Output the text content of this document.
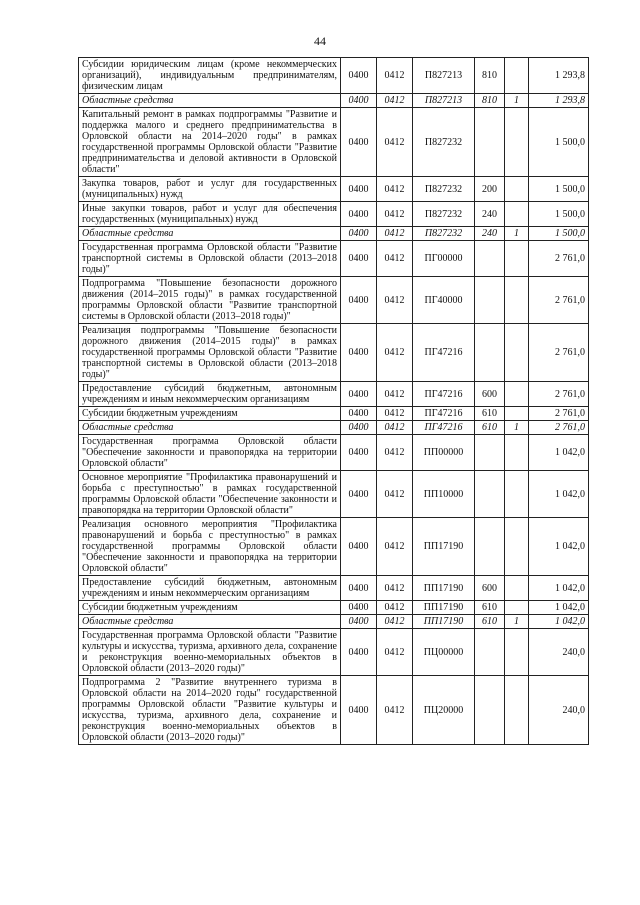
44
Субсидии юридическим лицам (кроме некоммерческих организаций), индивидуальным предпринимателям, физическим лицам	0400	0412	П827213	810		1 293,8
Областные средства	0400	0412	П827213	810	1	1 293,8
Капитальный ремонт в рамках подпрограммы "Развитие и поддержка малого и среднего предпринимательства в Орловской области на 2014–2020 годы" в рамках государственной программы Орловской области "Развитие предпринимательства и деловой активности в Орловской области"	0400	0412	П827232			1 500,0
Закупка товаров, работ и услуг для государственных (муниципальных) нужд	0400	0412	П827232	200		1 500,0
Иные закупки товаров, работ и услуг для обеспечения государственных (муниципальных) нужд	0400	0412	П827232	240		1 500,0
Областные средства	0400	0412	П827232	240	1	1 500,0
Государственная программа Орловской области "Развитие транспортной системы в Орловской области (2013–2018 годы)"	0400	0412	ПГ00000			2 761,0
Подпрограмма "Повышение безопасности дорожного движения (2014–2015 годы)" в рамках государственной программы Орловской области "Развитие транспортной системы в Орловской области (2013–2018 годы)"	0400	0412	ПГ40000			2 761,0
Реализация подпрограммы "Повышение безопасности дорожного движения (2014–2015 годы)" в рамках государственной программы Орловской области "Развитие транспортной системы в Орловской области (2013–2018 годы)"	0400	0412	ПГ47216			2 761,0
Предоставление субсидий бюджетным, автономным учреждениям и иным некоммерческим организациям	0400	0412	ПГ47216	600		2 761,0
Субсидии бюджетным учреждениям	0400	0412	ПГ47216	610		2 761,0
Областные средства	0400	0412	ПГ47216	610	1	2 761,0
Государственная программа Орловской области "Обеспечение законности и правопорядка на территории Орловской области"	0400	0412	ПП00000			1 042,0
Основное мероприятие "Профилактика правонарушений и борьба с преступностью" в рамках государственной программы Орловской области "Обеспечение законности и правопорядка на территории Орловской области"	0400	0412	ПП10000			1 042,0
Реализация основного мероприятия "Профилактика правонарушений и борьба с преступностью" в рамках государственной программы Орловской области "Обеспечение законности и правопорядка на территории Орловской области"	0400	0412	ПП17190			1 042,0
Предоставление субсидий бюджетным, автономным учреждениям и иным некоммерческим организациям	0400	0412	ПП17190	600		1 042,0
Субсидии бюджетным учреждениям	0400	0412	ПП17190	610		1 042,0
Областные средства	0400	0412	ПП17190	610	1	1 042,0
Государственная программа Орловской области "Развитие культуры и искусства, туризма, архивного дела, сохранение и реконструкция военно-мемориальных объектов в Орловской области (2013–2020 годы)"	0400	0412	ПЦ00000			240,0
Подпрограмма 2 "Развитие внутреннего туризма в Орловской области на 2014–2020 годы" государственной программы Орловской области "Развитие культуры и искусства, туризма, архивного дела, сохранение и реконструкция военно-мемориальных объектов в Орловской области (2013–2020 годы)"	0400	0412	ПЦ20000			240,0
